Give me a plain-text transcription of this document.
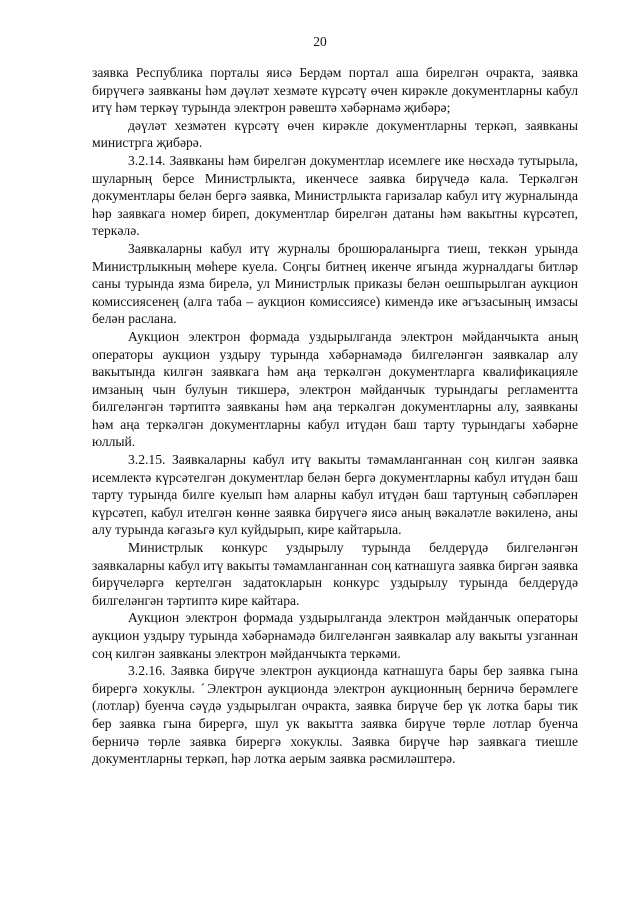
20

заявка Республика порталы яисә Бердәм портал аша бирелгән очракта, заявка бирүчегә заявканы һәм дәүләт хезмәте күрсәтү өчен кирәкле документларны кабул итү һәм теркәү турында электрон рәвештә хәбәрнамә җибәрә;

дәүләт хезмәтен күрсәтү өчен кирәкле документларны теркәп, заявканы министрга җибәрә.

3.2.14. Заявканы һәм бирелгән документлар исемлеге ике нөсхәдә тутырыла, шуларның берсе Министрлыкта, икенчесе заявка бирүчедә кала. Теркәлгән документлары белән бергә заявка, Министрлыкта гаризалар кабул итү журналында һәр заявкага номер биреп, документлар бирелгән датаны һәм вакытны күрсәтеп, теркәлә.

Заявкаларны кабул итү журналы брошюраланырга тиеш, теккән урында Министрлыкның мөһере куела. Соңгы битнең икенче ягында журналдагы битләр саны турында язма бирелә, ул Министрлык приказы белән оешпырылган аукцион комиссиясенең (алга таба – аукцион комиссиясе) кимендә ике әгъзасының имзасы белән раслана.

Аукцион электрон формада уздырылганда электрон мәйданчыкта аның операторы аукцион уздыру турында хәбәрнамәдә билгеләнгән заявкалар алу вакытында килгән заявкага һәм аңа теркәлгән документларга квалификацияле имзаның чын булуын тикшерә, электрон мәйданчык турындагы регламентта билгеләнгән тәртиптә заявканы һәм аңа теркәлгән документларны алу, заявканы һәм аңа теркәлгән документларны кабул итүдән баш тарту турындагы хәбәрне юллый.

3.2.15. Заявкаларны кабул итү вакыты тәмамланганнан соң килгән заявка исемлектә күрсәтелгән документлар белән бергә документларны кабул итүдән баш тарту турында билге куелып һәм аларны кабул итүдән баш тартуның сәбәпләрен күрсәтеп, кабул ителгән көнне заявка бирүчегә яисә аның вәкаләтле вәкиленә, аны алу турында кәгазьгә кул куйдырып, кире кайтарыла.

Министрлык конкурс уздырылу турында белдерүдә билгеләнгән заявкаларны кабул итү вакыты тәмамланганнан соң катнашуга заявка биргән заявка бирүчеләргә кертелгән задатокларын конкурс уздырылу турында белдерүдә билгеләнгән тәртиптә кире кайтара.

Аукцион электрон формада уздырылганда электрон мәйданчык операторы аукцион уздыру турында хәбәрнамәдә билгеләнгән заявкалар алу вакыты узганнан соң килгән заявканы электрон мәйданчыкта теркәми.

3.2.16. Заявка бирүче электрон аукционда катнашуга бары бер заявка гына бирергә хокуклы. ˊЭлектрон аукционда электрон аукционның берничә берәмлеге (лотлар) буенча сәүдә уздырылган очракта, заявка бирүче бер үк лотка бары тик бер заявка гына бирергә, шул ук вакытта заявка бирүче төрле лотлар буенча берничә төрле заявка бирергә хокуклы. Заявка бирүче һәр заявкага тиешле документларны теркәп, һәр лотка аерым заявка рәсмиләштерә.
